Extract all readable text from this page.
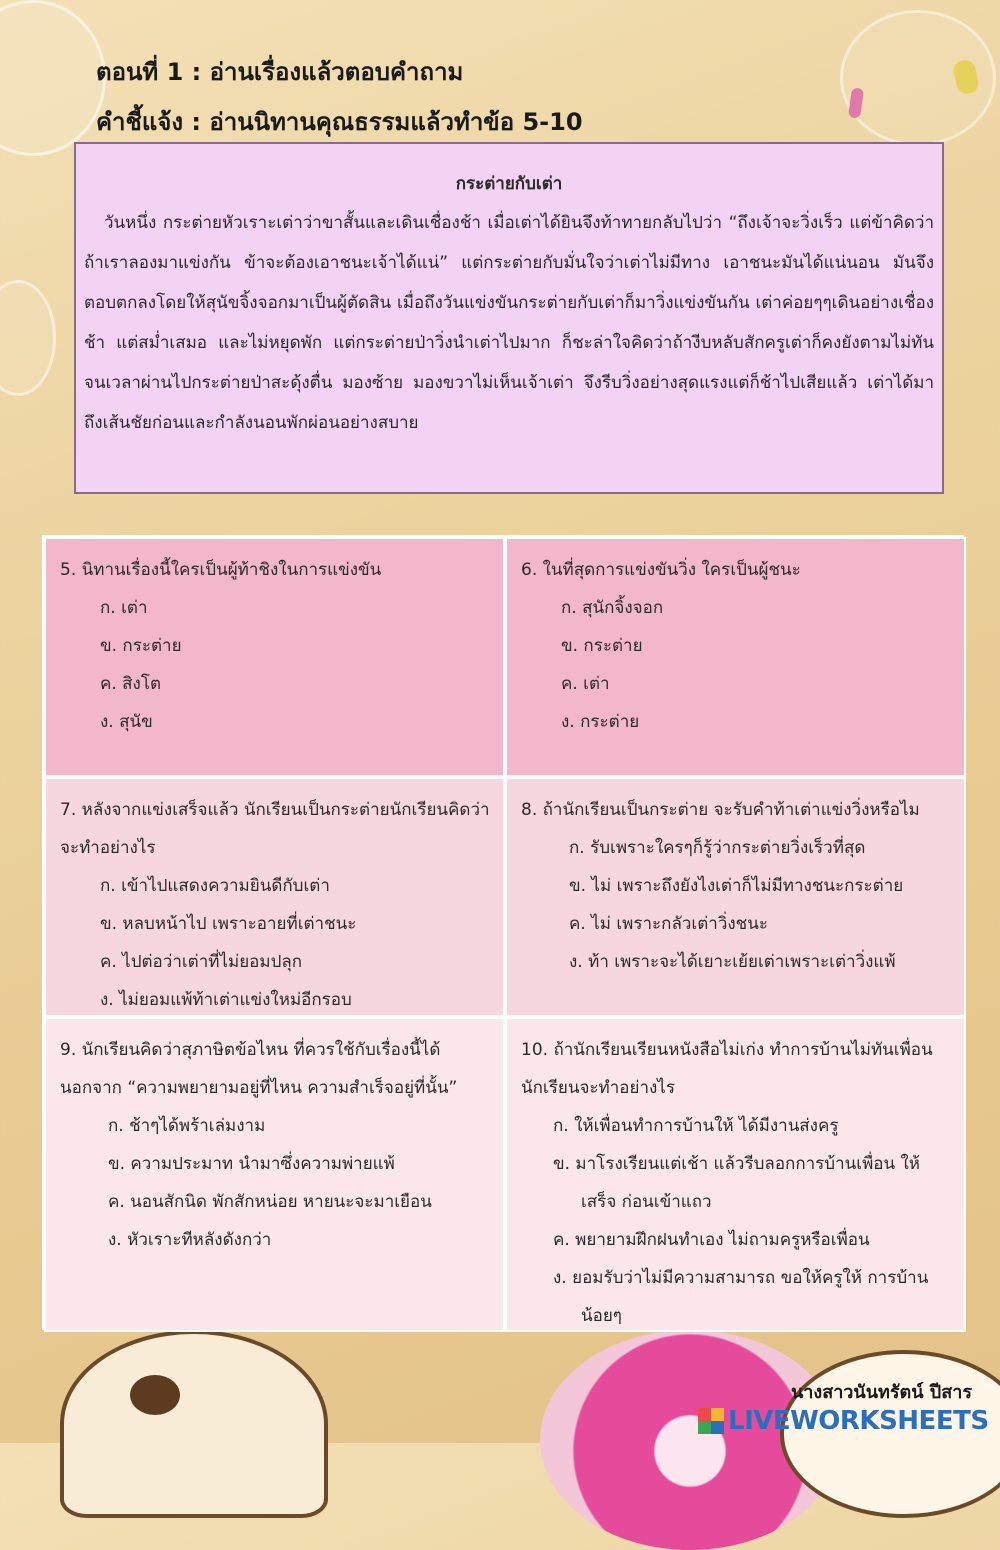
ตอนที่ 1 : อ่านเรื่องแล้วตอบคำถาม
คำชี้แจ้ง : อ่านนิทานคุณธรรมแล้วทำข้อ 5-10
กระต่ายกับเต่า

วันหนึ่ง กระต่ายหัวเราะเต่าว่าขาสั้นและเดินเชื่องช้า เมื่อเต่าได้ยินจึงท้าทายกลับไปว่า “ถึงเจ้าจะวิ่งเร็ว แต่ข้าคิดว่าถ้าเราลองมาแข่งกัน ข้าจะต้องเอาชนะเจ้าได้แน่” แต่กระต่ายกับมั่นใจว่าเต่าไม่มีทาง เอาชนะมันได้แน่นอน มันจึงตอบตกลงโดยให้สุนัขจิ้งจอกมาเป็นผู้ตัดสิน เมื่อถึงวันแข่งขันกระต่ายกับเต่าก็มาวิ่งแข่งขันกัน เต่าค่อยๆๆเดินอย่างเชื่องช้า แต่สม่ำเสมอ และไม่หยุดพัก แต่กระต่ายป่าวิ่งนำเต่าไปมาก ก็ชะล่าใจคิดว่าถ้างีบหลับสักครูเต่าก็คงยังตามไม่ทัน จนเวลาผ่านไปกระต่ายป่าสะดุ้งตื่น มองซ้าย มองขวาไม่เห็นเจ้าเต่า จึงรีบวิ่งอย่างสุดแรงแต่ก็ช้าไปเสียแล้ว เต่าได้มาถึงเส้นชัยก่อนและกำลังนอนพักผ่อนอย่างสบาย

5. นิทานเรื่องนี้ใครเป็นผู้ท้าชิงในการแข่งขัน

ก. เต่า
ข. กระต่าย
ค. สิงโต
ง. สุนัข

6. ในที่สุดการแข่งขันวิ่ง ใครเป็นผู้ชนะ

ก. สุนักจิ้งจอก
ข. กระต่าย
ค. เต่า
ง. กระต่าย

7. หลังจากแข่งเสร็จแล้ว นักเรียนเป็นกระต่ายนักเรียนคิดว่าจะทำอย่างไร

ก. เข้าไปแสดงความยินดีกับเต่า
ข. หลบหน้าไป เพราะอายที่เต่าชนะ
ค. ไปต่อว่าเต่าที่ไม่ยอมปลุก
ง. ไม่ยอมแพ้ท้าเต่าแข่งใหม่อีกรอบ

8. ถ้านักเรียนเป็นกระต่าย จะรับคำท้าเต่าแข่งวิ่งหรือไม

ก. รับเพราะใครๆก็รู้ว่ากระต่ายวิ่งเร็วที่สุด
ข. ไม่ เพราะถึงยังไงเต่าก็ไม่มีทางชนะกระต่าย
ค. ไม่ เพราะกลัวเต่าวิ่งชนะ
ง. ท้า เพราะจะได้เยาะเย้ยเต่าเพราะเต่าวิ่งแพ้

9. นักเรียนคิดว่าสุภาษิตข้อไหน ที่ควรใช้กับเรื่องนี้ได้นอกจาก “ความพยายามอยู่ที่ไหน ความสำเร็จอยู่ที่นั้น”

ก. ช้าๆได้พร้าเล่มงาม
ข. ความประมาท นำมาซึ่งความพ่ายแพ้
ค. นอนสักนิด พักสักหน่อย หายนะจะมาเยือน
ง. หัวเราะทีหลังดังกว่า

10. ถ้านักเรียนเรียนหนังสือไม่เก่ง ทำการบ้านไม่ทันเพื่อน นักเรียนจะทำอย่างไร

ก. ให้เพื่อนทำการบ้านให้ ได้มีงานส่งครู
ข. มาโรงเรียนแต่เช้า แล้วรีบลอกการบ้านเพื่อน ให้เสร็จ ก่อนเข้าแถว
ค. พยายามฝึกฝนทำเอง ไม่ถามครูหรือเพื่อน
ง. ยอมรับว่าไม่มีความสามารถ ขอให้ครูให้ การบ้านน้อยๆ
นางสาวนันทรัตน์ ปีสาร
LIVEWORKSHEETS
